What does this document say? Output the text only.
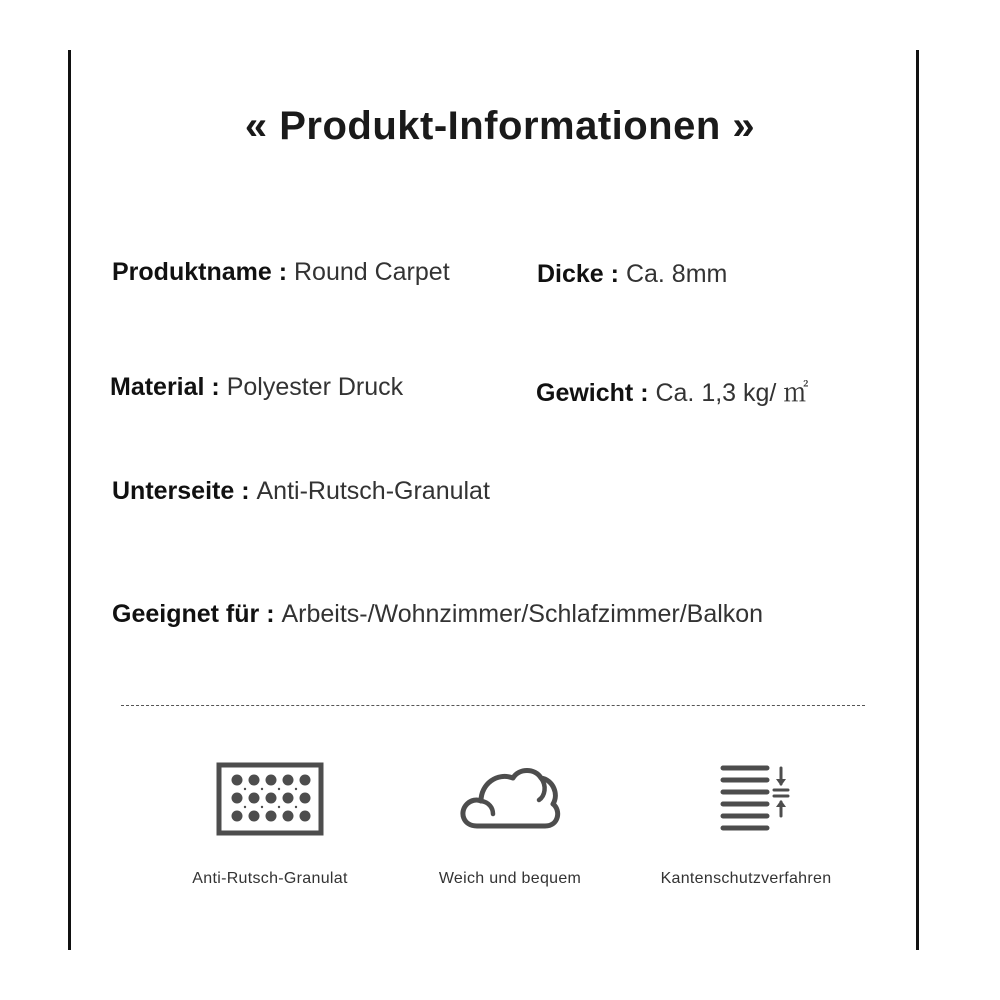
« Produkt-Informationen »
Produktname : Round Carpet	Dicke : Ca. 8mm
Material : Polyester Druck	Gewicht : Ca. 1,3 kg/ ㎡
Unterseite : Anti-Rutsch-Granulat
Geeignet für : Arbeits-/Wohnzimmer/Schlafzimmer/Balkon
Anti-Rutsch-Granulat	Weich und bequem	Kantenschutzverfahren
